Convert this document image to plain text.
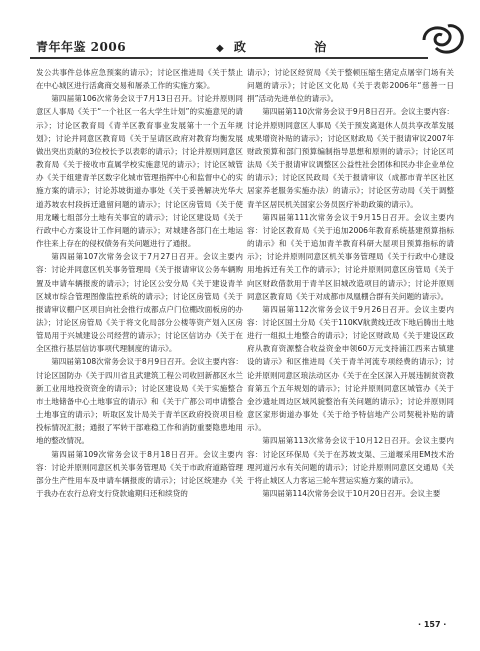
青年年鉴 2006	◆ 政	治

发公共事件总体应急预案的请示》；讨论区推进局《关于禁止在中心城区进行活禽商交易和屠杀工作的实施方案》。

第四届第106次常务会议于7月13日召开。讨论并原则同意区人事局《关于“一个社区一名大学生计划”的实施意见的请示》；讨论区教育局《青羊区教育事业发展第十一个五年规划》；讨论并同意区教育局《关于呈请区政府对教育均衡发展做出突出贡献的3位校长予以表彰的请示》；讨论并原则同意区教育局《关于接收市直属学校实施意见的请示》；讨论区城管办《关于组建青羊区数字化城市管理指挥中心和监督中心的实施方案的请示》；讨论苏坡街道办事处《关于妥善解决光华大道苏坡农村段拆迁遗留问题的请示》；讨论区房管局《关于使用龙曦七组部分土地有关事宜的请示》；讨论区建设局《关于行政中心方案设计工作问题的请示》；对城建各部门在土地运作往来上存在的侵权债务有关问题进行了通报。

第四届第107次常务会议于7月27日召开。会议主要内容：讨论并同意区机关事务管理局《关于报请审议公务车辆购置及申请车辆报废的请示》；讨论区公安分局《关于建设青羊区城市综合管理图像监控系统的请示》；讨论区房管局《关于报请审议棚户区项目向社会推行成都点户门位棚改面板房的办法》；讨论区房管局《关于将文化局部分公楼等资产划入区房管局用于兴城建设公司经营的请示》；讨论区信访办《关于在全区推行基层信访事项代理制度的请示》。

第四届第108次常务会议于8月9日召开。会议主要内容：讨论区国防办《关于四川省且武建筑工程公司收回新都区水兰新工业用地投资资金的请示》；讨论区建设局《关于实施整合市土地储备中心土地事宜的请示》和《关于广都公司申请整合土地事宜的请示》；听取区发计局关于青羊区政府投资项目检投标情况汇报；通报了军转干部难稳工作和消防重要隐患地用地的整改情况。

第四届第109次常务会议于8月18日召开。会议主要内容：讨论并原则同意区机关事务管理局《关于市政府道路管理部分生产性用车及申请车辆报废的请示》；讨论区统建办《关于我办在农行总府支行贷款逾期归还和续贷的

请示》；讨论区经贸局《关于整顿压缩生猪定点屠宰门场有关问题的请示》；讨论区文化局《关于表彰2006年“慈善一日捐”活动先进单位的请示》。

第四届第110次常务会议于9月8日召开。会议主要内容：讨论并原则同意区人事局《关于预发离退休人员共享改革发展成果增资补贴的请示》；讨论区财政局《关于报请审议2007年财政预算和部门预算编制指导思想和原则的请示》；讨论区司法局《关于报请审议调整区公益性社会团体和民办非企业单位的请示》；讨论区民政局《关于报请审议（成都市青羊区社区居家养老服务实施办法）的请示》；讨论区劳动局《关于调整青羊区居民机关国家公务员医疗补助政策的请示》。

第四届第111次常务会议于9月15日召开。会议主要内容：讨论区教育局《关于追加2006年教育系统基建预算指标的请示》和《关于追加青羊教育科研大屋项目预算指标的请示》；讨论并原则同意区机关事务管理局《关于行政中心建设用地拆迁有关工作的请示》；讨论并原则同意区房管局《关于向区财政借款用于青羊区旧城改造项目的请示》；讨论并原则同意区教育局《关于对成都市凤凰棚合群有关问题的请示》。

第四届第112次常务会议于9月26日召开。会议主要内容：讨论区国土分局《关于110KV航黄线迁改下地后腾出土地进行一组拟土地整合的请示》；讨论区财政局《关于建设区政府从教育资源整合收益资金申领60万元支持浦江西来古镇建设的请示》和区推进局《关于青羊河流专项经费的请示》；讨论并原则同意区琅法动区办《关于在全区深入开展违制贫资教育第五个五年规划的请示》；讨论并原则同意区城管办《关于金沙遗址周边区域风貌整治有关问题的请示》；讨论并原则同意区家形街道办事处《关于给予特信地产公司契税补贴的请示》。

第四届第113次常务会议于10月12日召开。会议主要内容：讨论区环保局《关于在苏坡支渠、三道堰采用EM技术治理河道污水有关问题的请示》；讨论并原则同意区交通局《关于将止城区人力客运三轮车营运实施方案的请示》。

第四届第114次常务会议于10月20日召开。会议主要

· 157 ·
